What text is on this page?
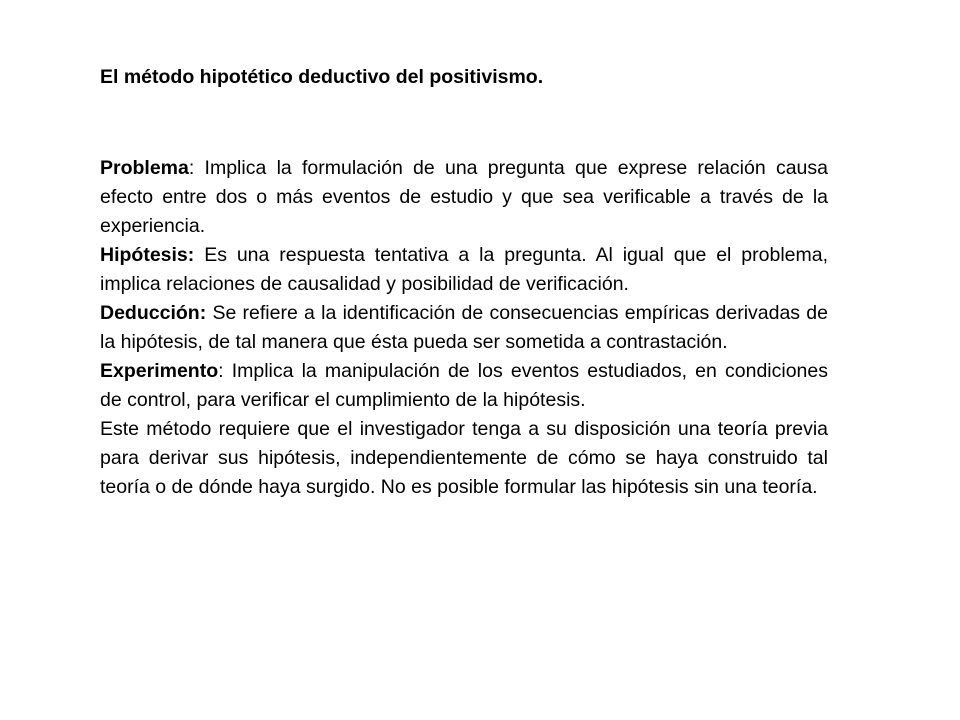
El método hipotético deductivo del positivismo.

Problema: Implica la formulación de una pregunta que exprese relación causa efecto entre dos o más eventos de estudio y que sea verificable a través de la experiencia.

Hipótesis: Es una respuesta tentativa a la pregunta. Al igual que el problema, implica relaciones de causalidad y posibilidad de verificación.

Deducción: Se refiere a la identificación de consecuencias empíricas derivadas de la hipótesis, de tal manera que ésta pueda ser sometida a contrastación.

Experimento: Implica la manipulación de los eventos estudiados, en condiciones de control, para verificar el cumplimiento de la hipótesis.

Este método requiere que el investigador tenga a su disposición una teoría previa para derivar sus hipótesis, independientemente de cómo se haya construido tal teoría o de dónde haya surgido. No es posible formular las hipótesis sin una teoría.
